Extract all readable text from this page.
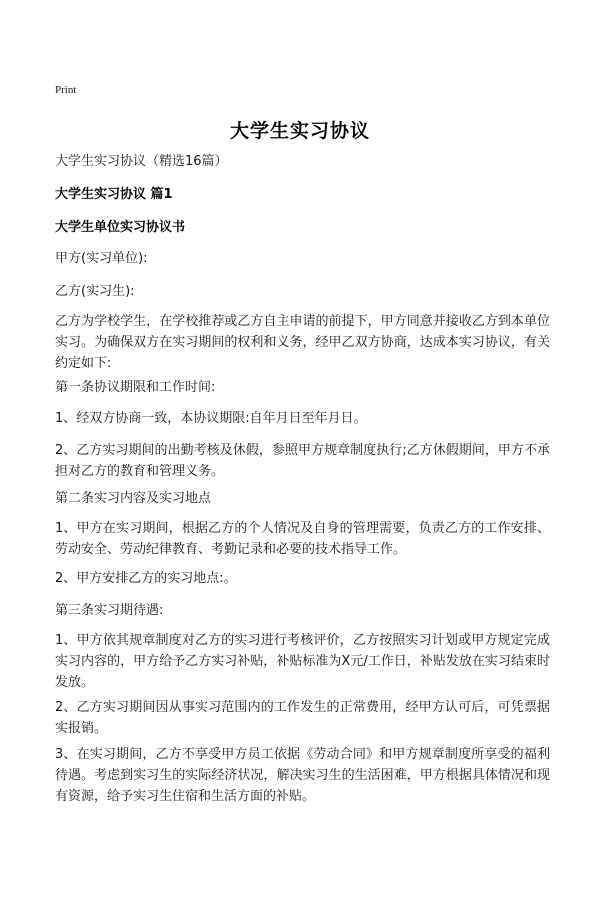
Print
大学生实习协议
大学生实习协议（精选16篇）
大学生实习协议 篇1
大学生单位实习协议书
甲方(实习单位):
乙方(实习生):
乙方为学校学生，在学校推荐或乙方自主申请的前提下，甲方同意并接收乙方到本单位实习。为确保双方在实习期间的权利和义务，经甲乙双方协商，达成本实习协议，有关约定如下:
第一条协议期限和工作时间:
1、经双方协商一致，本协议期限:自年月日至年月日。
2、乙方实习期间的出勤考核及休假，参照甲方规章制度执行;乙方休假期间，甲方不承担对乙方的教育和管理义务。
第二条实习内容及实习地点
1、甲方在实习期间，根据乙方的个人情况及自身的管理需要，负责乙方的工作安排、劳动安全、劳动纪律教育、考勤记录和必要的技术指导工作。
2、甲方安排乙方的实习地点:。
第三条实习期待遇:
1、甲方依其规章制度对乙方的实习进行考核评价，乙方按照实习计划或甲方规定完成实习内容的，甲方给予乙方实习补贴，补贴标准为X元/工作日，补贴发放在实习结束时发放。
2、乙方实习期间因从事实习范围内的工作发生的正常费用，经甲方认可后，可凭票据实报销。
3、在实习期间，乙方不享受甲方员工依据《劳动合同》和甲方规章制度所享受的福利待遇。考虑到实习生的实际经济状况，解决实习生的生活困难，甲方根据具体情况和现有资源，给予实习生住宿和生活方面的补贴。
